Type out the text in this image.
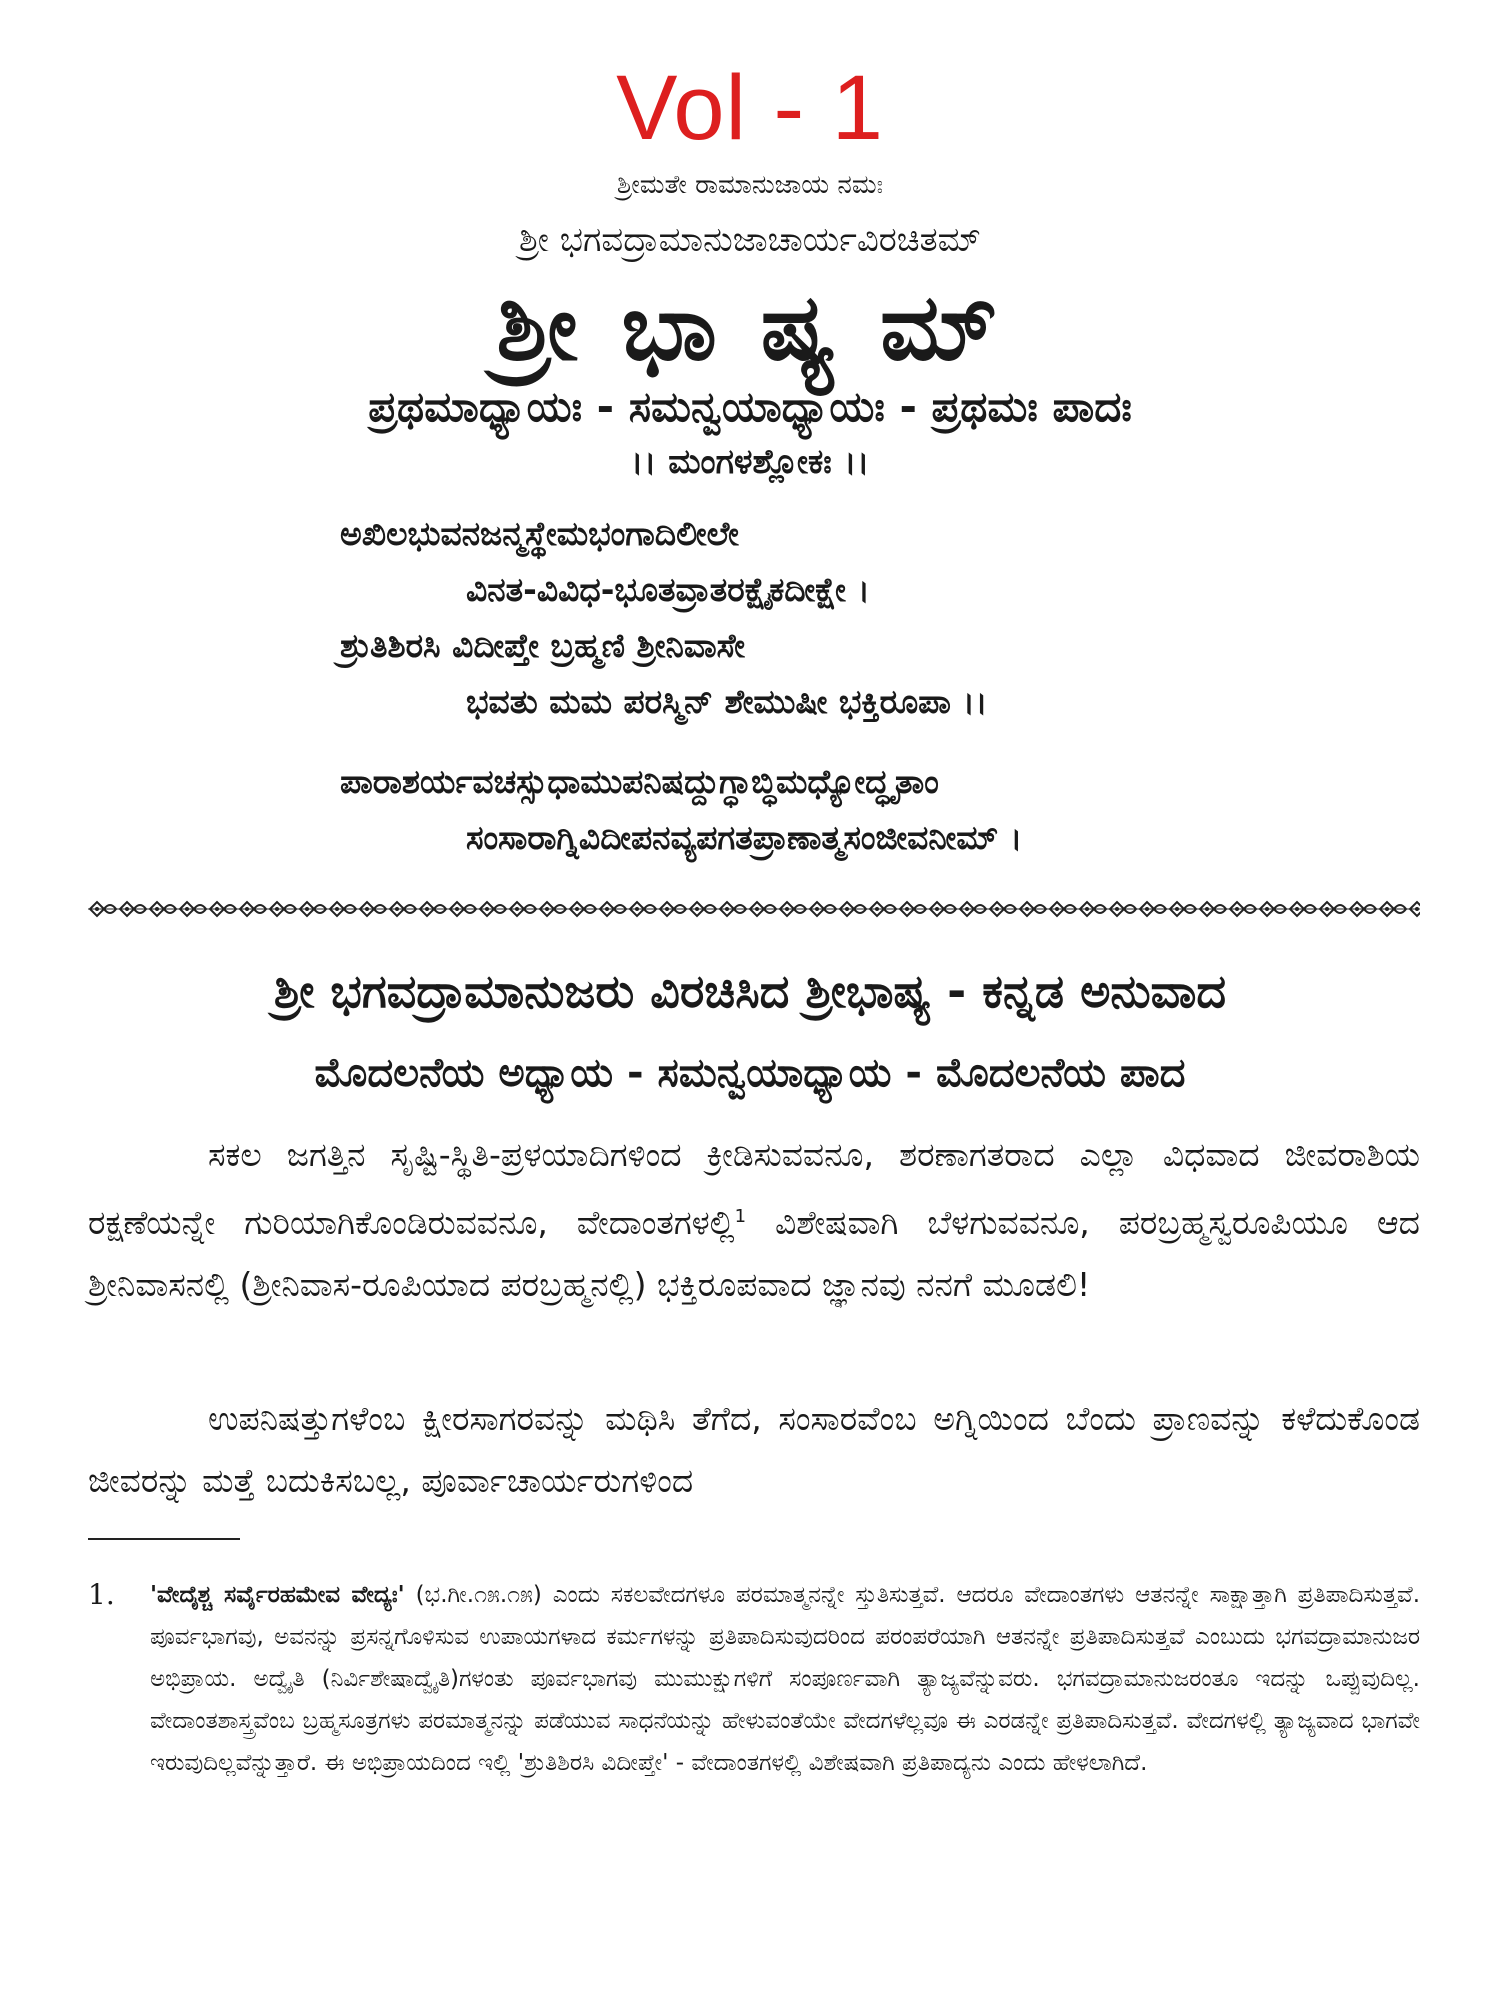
Vol - 1
ಶ್ರೀಮತೇ ರಾಮಾನುಜಾಯ ನಮಃ
ಶ್ರೀ ಭಗವದ್ರಾಮಾನುಜಾಚಾರ್ಯವಿರಚಿತಮ್
ಶ್ರೀ ಭಾ ಷ್ಯ ಮ್
ಪ್ರಥಮಾಧ್ಯಾಯಃ - ಸಮನ್ವಯಾಧ್ಯಾಯಃ - ಪ್ರಥಮಃ ಪಾದಃ
।। ಮಂಗಳಶ್ಲೋಕಃ ।।
ಅಖಿಲಭುವನಜನ್ಮಸ್ಥೇಮಭಂಗಾದಿಲೀಲೇ
ವಿನತ-ವಿವಿಧ-ಭೂತವ್ರಾತರಕ್ಷೈಕದೀಕ್ಷೇ ।
ಶ್ರುತಿಶಿರಸಿ ವಿದೀಪ್ತೇ ಬ್ರಹ್ಮಣಿ ಶ್ರೀನಿವಾಸೇ
ಭವತು ಮಮ ಪರಸ್ಮಿನ್ ಶೇಮುಷೀ ಭಕ್ತಿರೂಪಾ ।।
ಪಾರಾಶರ್ಯವಚಸ್ಸುಧಾಮುಪನಿಷದ್ದುಗ್ಧಾಬ್ಧಿಮಧ್ಯೋದ್ಧೃತಾಂ
ಸಂಸಾರಾಗ್ನಿವಿದೀಪನವ್ಯಪಗತಪ್ರಾಣಾತ್ಮಸಂಜೀವನೀಮ್ ।
ಶ್ರೀ ಭಗವದ್ರಾಮಾನುಜರು ವಿರಚಿಸಿದ ಶ್ರೀಭಾಷ್ಯ - ಕನ್ನಡ ಅನುವಾದ
ಮೊದಲನೆಯ ಅಧ್ಯಾಯ - ಸಮನ್ವಯಾಧ್ಯಾಯ - ಮೊದಲನೆಯ ಪಾದ
ಸಕಲ ಜಗತ್ತಿನ ಸೃಷ್ಟಿ-ಸ್ಥಿತಿ-ಪ್ರಳಯಾದಿಗಳಿಂದ ಕ್ರೀಡಿಸುವವನೂ, ಶರಣಾಗತರಾದ ಎಲ್ಲಾ ವಿಧವಾದ ಜೀವರಾಶಿಯ ರಕ್ಷಣೆಯನ್ನೇ ಗುರಿಯಾಗಿಕೊಂಡಿರುವವನೂ, ವೇದಾಂತಗಳಲ್ಲಿ$^1$ ವಿಶೇಷವಾಗಿ ಬೆಳಗುವವನೂ, ಪರಬ್ರಹ್ಮಸ್ವರೂಪಿಯೂ ಆದ ಶ್ರೀನಿವಾಸನಲ್ಲಿ (ಶ್ರೀನಿವಾಸ-ರೂಪಿಯಾದ ಪರಬ್ರಹ್ಮನಲ್ಲಿ) ಭಕ್ತಿರೂಪವಾದ ಜ್ಞಾನವು ನನಗೆ ಮೂಡಲಿ!
ಉಪನಿಷತ್ತುಗಳೆಂಬ ಕ್ಷೀರಸಾಗರವನ್ನು ಮಥಿಸಿ ತೆಗೆದ, ಸಂಸಾರವೆಂಬ ಅಗ್ನಿಯಿಂದ ಬೆಂದು ಪ್ರಾಣವನ್ನು ಕಳೆದುಕೊಂಡ ಜೀವರನ್ನು ಮತ್ತೆ ಬದುಕಿಸಬಲ್ಲ, ಪೂರ್ವಾಚಾರ್ಯರುಗಳಿಂದ
1. 'ವೇದೈಶ್ಚ ಸರ್ವೈರಹಮೇವ ವೇದ್ಯಃ' (ಭ.ಗೀ.೧೫.೧೫) ಎಂದು ಸಕಲವೇದಗಳೂ ಪರಮಾತ್ಮನನ್ನೇ ಸ್ತುತಿಸುತ್ತವೆ. ಆದರೂ ವೇದಾಂತಗಳು ಆತನನ್ನೇ ಸಾಕ್ಷಾತ್ತಾಗಿ ಪ್ರತಿಪಾದಿಸುತ್ತವೆ. ಪೂರ್ವಭಾಗವು, ಅವನನ್ನು ಪ್ರಸನ್ನಗೊಳಿಸುವ ಉಪಾಯಗಳಾದ ಕರ್ಮಗಳನ್ನು ಪ್ರತಿಪಾದಿಸುವುದರಿಂದ ಪರಂಪರೆಯಾಗಿ ಆತನನ್ನೇ ಪ್ರತಿಪಾದಿಸುತ್ತವೆ ಎಂಬುದು ಭಗವದ್ರಾಮಾನುಜರ ಅಭಿಪ್ರಾಯ. ಅದ್ವೈತಿ (ನಿರ್ವಿಶೇಷಾದ್ವೈತಿ)ಗಳಂತು ಪೂರ್ವಭಾಗವು ಮುಮುಕ್ಷುಗಳಿಗೆ ಸಂಪೂರ್ಣವಾಗಿ ತ್ಯಾಜ್ಯವೆನ್ನುವರು. ಭಗವದ್ರಾಮಾನುಜರಂತೂ ಇದನ್ನು ಒಪ್ಪುವುದಿಲ್ಲ. ವೇದಾಂತಶಾಸ್ತ್ರವೆಂಬ ಬ್ರಹ್ಮಸೂತ್ರಗಳು ಪರಮಾತ್ಮನನ್ನು ಪಡೆಯುವ ಸಾಧನೆಯನ್ನು ಹೇಳುವಂತೆಯೇ ವೇದಗಳೆಲ್ಲವೂ ಈ ಎರಡನ್ನೇ ಪ್ರತಿಪಾದಿಸುತ್ತವೆ. ವೇದಗಳಲ್ಲಿ ತ್ಯಾಜ್ಯವಾದ ಭಾಗವೇ ಇರುವುದಿಲ್ಲವೆನ್ನುತ್ತಾರೆ. ಈ ಅಭಿಪ್ರಾಯದಿಂದ ಇಲ್ಲಿ 'ಶ್ರುತಿಶಿರಸಿ ವಿದೀಪ್ತೇ' - ವೇದಾಂತಗಳಲ್ಲಿ ವಿಶೇಷವಾಗಿ ಪ್ರತಿಪಾದ್ಯನು ಎಂದು ಹೇಳಲಾಗಿದೆ.
